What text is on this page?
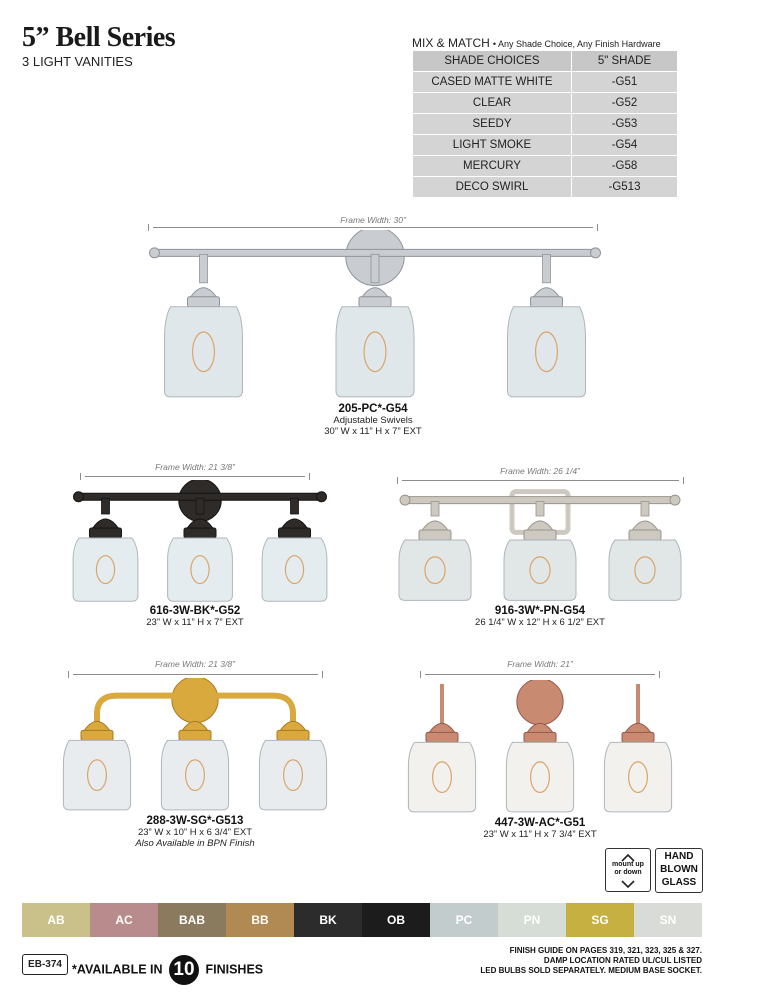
5” Bell Series
3 LIGHT VANITIES
MIX & MATCH • Any Shade Choice, Any Finish Hardware
SHADE CHOICES	5" SHADE
CASED MATTE WHITE	-G51
CLEAR	-G52
SEEDY	-G53
LIGHT SMOKE	-G54
MERCURY	-G58
DECO SWIRL	-G513
Frame Width: 30”
205-PC*-G54
Adjustable Swivels
30” W x 11” H x 7” EXT
Frame Width: 21 3/8”
616-3W-BK*-G52
23” W x 11” H x 7” EXT
Frame Width: 26 1/4”
916-3W*-PN-G54
26 1/4” W x 12” H x 6 1/2” EXT
Frame Width: 21 3/8”
288-3W-SG*-G513
23” W x 10” H x 6 3/4” EXT
Also Available in BPN Finish
Frame Width: 21”
447-3W-AC*-G51
23” W x 11” H x 7 3/4” EXT
mount up or down
HAND
BLOWN
GLASS
AB	AC	BAB	BB	BK	OB	PC	PN	SG	SN
EB-374 *AVAILABLE IN 10 FINISHES
FINISH GUIDE ON PAGES 319, 321, 323, 325 & 327.
DAMP LOCATION RATED UL/CUL LISTED
LED BULBS SOLD SEPARATELY. MEDIUM BASE SOCKET.
